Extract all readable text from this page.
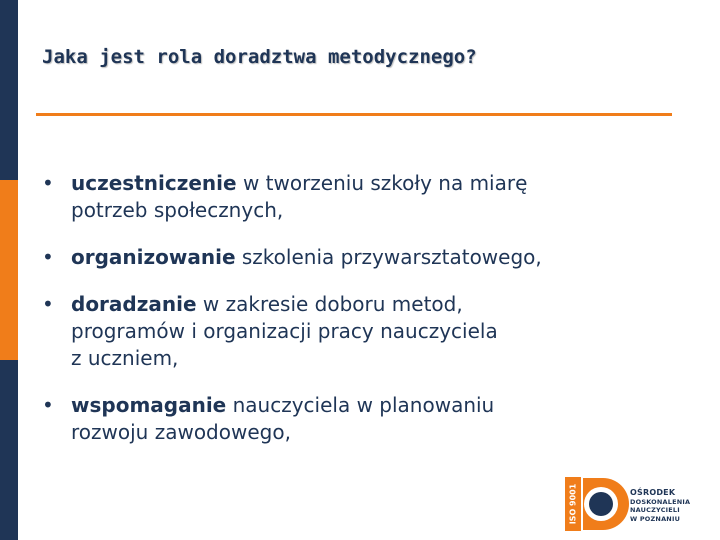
Jaka jest rola doradztwa metodycznego?
• uczestniczenie w tworzeniu szkoły na miarę
potrzeb społecznych,
• organizowanie szkolenia przywarsztatowego,
• doradzanie w zakresie doboru metod,
programów i organizacji pracy nauczyciela
z uczniem,
• wspomaganie nauczyciela w planowaniu
rozwoju zawodowego,
ISO 9001	OŚRODEK
DOSKONALENIA
NAUCZYCIELI
W POZNANIU
